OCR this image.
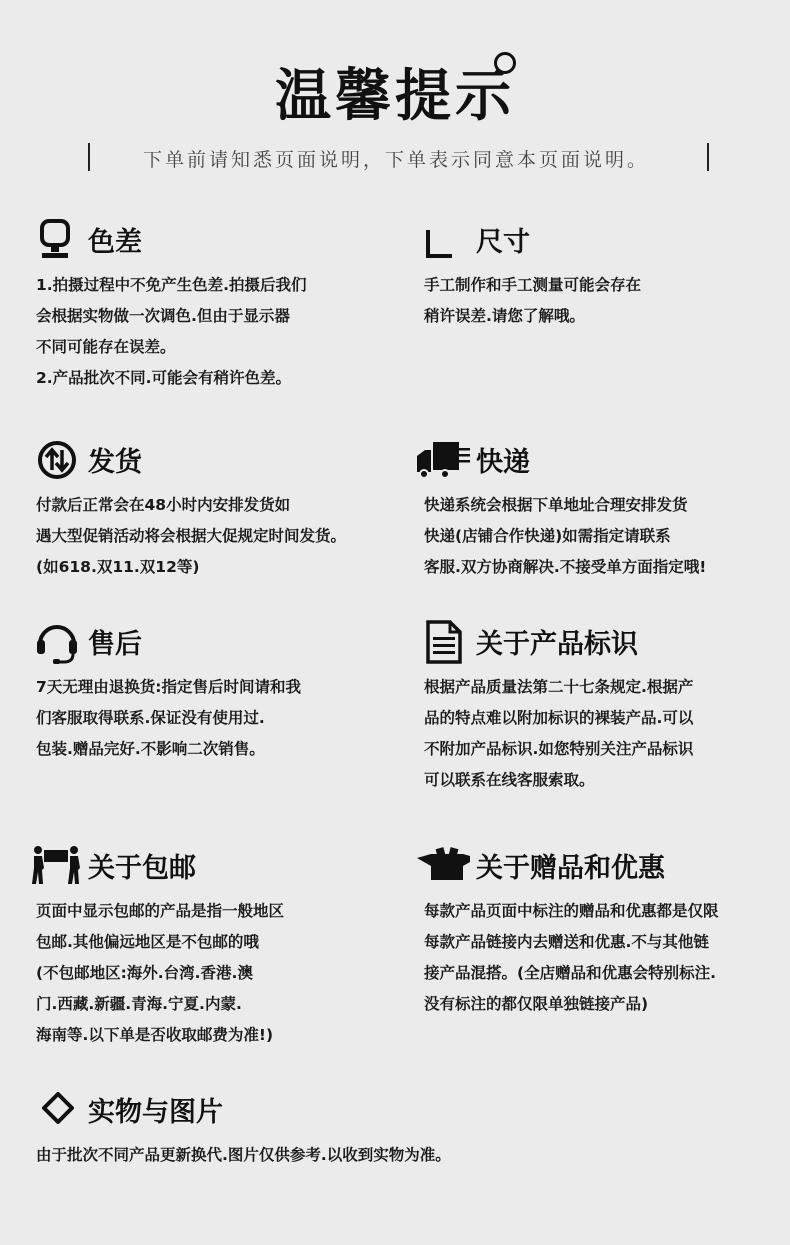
温馨提示
下单前请知悉页面说明，下单表示同意本页面说明。
色差
1.拍摄过程中不免产生色差.拍摄后我们
会根据实物做一次调色.但由于显示器
不同可能存在误差。
2.产品批次不同.可能会有稍许色差。
尺寸
手工制作和手工测量可能会存在
稍许误差.请您了解哦。
发货
付款后正常会在48小时内安排发货如
遇大型促销活动将会根据大促规定时间发货。
(如618.双11.双12等)
快递
快递系统会根据下单地址合理安排发货
快递(店铺合作快递)如需指定请联系
客服.双方协商解决.不接受单方面指定哦!
售后
7天无理由退换货:指定售后时间请和我
们客服取得联系.保证没有使用过.
包装.赠品完好.不影响二次销售。
关于产品标识
根据产品质量法第二十七条规定.根据产
品的特点难以附加标识的裸装产品.可以
不附加产品标识.如您特别关注产品标识
可以联系在线客服索取。
关于包邮
页面中显示包邮的产品是指一般地区
包邮.其他偏远地区是不包邮的哦
(不包邮地区:海外.台湾.香港.澳
门.西藏.新疆.青海.宁夏.内蒙.
海南等.以下单是否收取邮费为准!)
关于赠品和优惠
每款产品页面中标注的赠品和优惠都是仅限
每款产品链接内去赠送和优惠.不与其他链
接产品混搭。(全店赠品和优惠会特别标注.
没有标注的都仅限单独链接产品)
实物与图片
由于批次不同产品更新换代.图片仅供参考.以收到实物为准。
